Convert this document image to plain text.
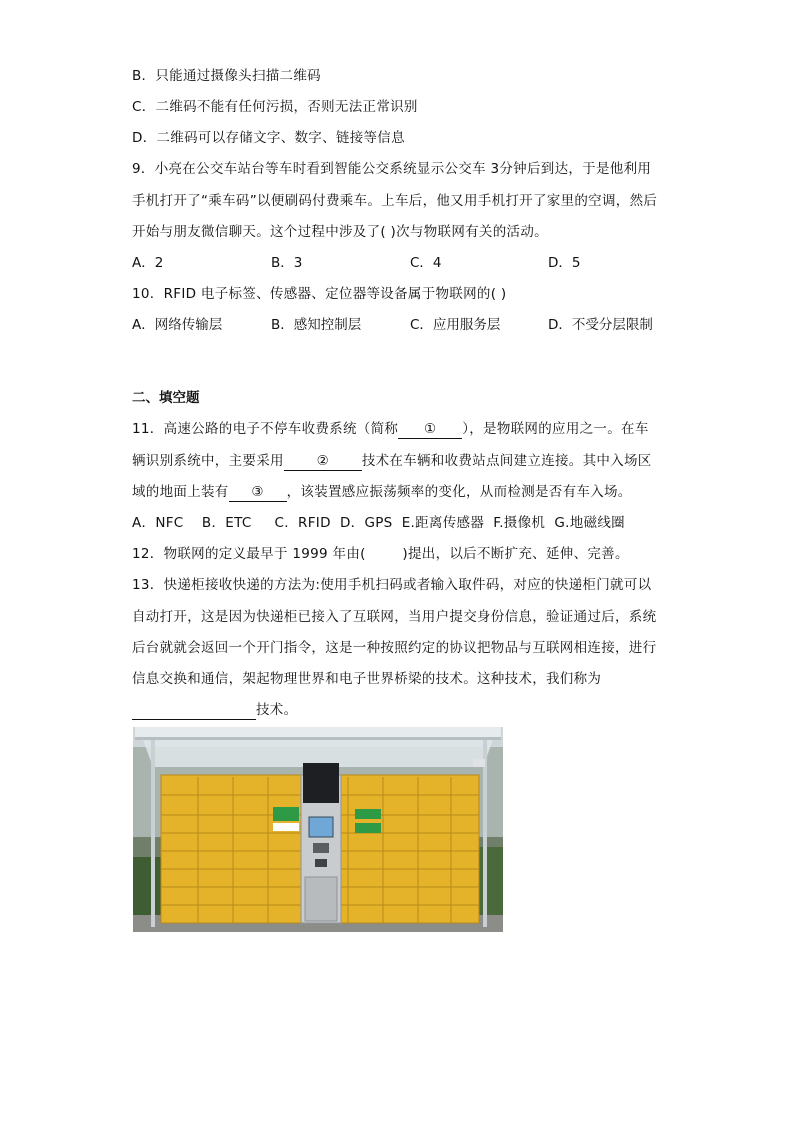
B．只能通过摄像头扫描二维码
C．二维码不能有任何污损，否则无法正常识别
D．二维码可以存储文字、数字、链接等信息
9．小亮在公交车站台等车时看到智能公交系统显示公交车 3分钟后到达，于是他利用
手机打开了“乘车码”以便刷码付费乘车。上车后，他又用手机打开了家里的空调，然后
开始与朋友微信聊天。这个过程中涉及了( )次与物联网有关的活动。
A．2	B．3	C．4	D．5
10．RFID 电子标签、传感器、定位器等设备属于物联网的( )
A．网络传输层	B．感知控制层	C．应用服务层	D．不受分层限制
二、填空题
11．高速公路的电子不停车收费系统（简称 ① ），是物联网的应用之一。在车
辆识别系统中，主要采用 ② 技术在车辆和收费站点间建立连接。其中入场区
域的地面上装有 ③ ，该装置感应振荡频率的变化，从而检测是否有车入场。
A．NFC    B．ETC     C．RFID  D．GPS  E.距离传感器  F.摄像机  G.地磁线圈
12．物联网的定义最早于 1999 年由(        )提出，以后不断扩充、延伸、完善。
13．快递柜接收快递的方法为:使用手机扫码或者输入取件码，对应的快递柜门就可以
自动打开，这是因为快递柜已接入了互联网，当用户提交身份信息，验证通过后，系统
后台就就会返回一个开门指令，这是一种按照约定的协议把物品与互联网相连接，进行
信息交换和通信，架起物理世界和电子世界桥梁的技术。这种技术，我们称为
技术。
